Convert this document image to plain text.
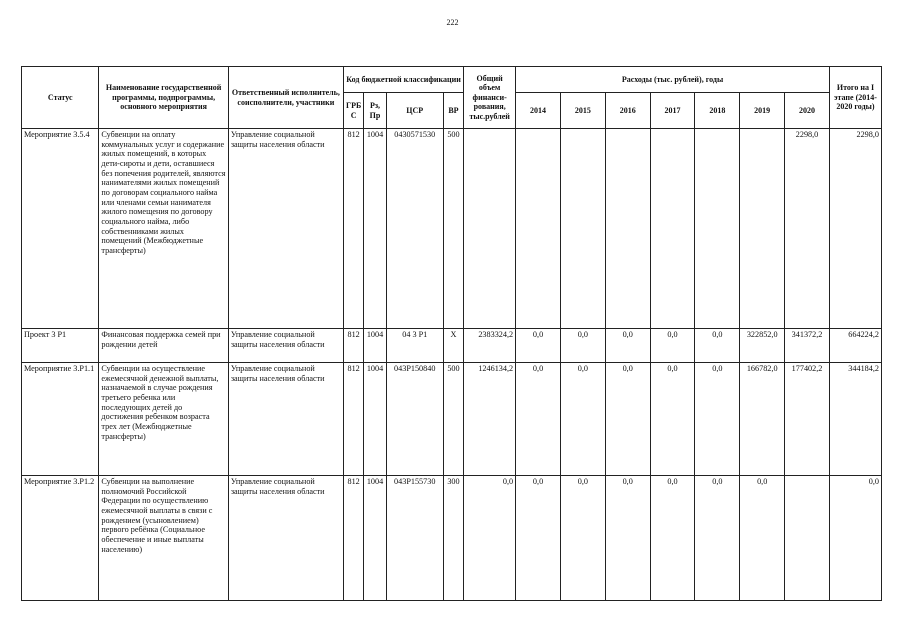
222
Статус	Наименование государственной программы, подпрограммы, основного мероприятия	Ответственный исполнитель, соисполнители, участники	Код бюджетной классификации				Общий объем финанси-рования, тыс.рублей	Расходы (тыс. рублей), годы							Итого на I этапе (2014-2020 годы)
			ГРБ С	Рз, Пр	ЦСР	ВР		2014	2015	2016	2017	2018	2019	2020	
Мероприятие 3.5.4	Субвенции на оплату коммунальных услуг и содержание жилых помещений, в которых дети-сироты и дети, оставшиеся без попечения родителей, являются нанимателями жилых помещений по договорам социального найма или членами семьи нанимателя жилого помещения по договору социального найма, либо собственниками жилых помещений (Межбюджетные трансферты)	Управление социальной защиты населения области	812	1004	0430571530	500								2298,0	2298,0
Проект 3 Р1	Финансовая поддержка семей при рождении детей	Управление социальной защиты населения области	812	1004	04 3 Р1	X	2383324,2	0,0	0,0	0,0	0,0	0,0	322852,0	341372,2	664224,2
Мероприятие 3.Р1.1	Субвенции на осуществление ежемесячной денежной выплаты, назначаемой в случае рождения третьего ребенка или последующих детей до достижения ребенком возраста трех лет (Межбюджетные трансферты)	Управление социальной защиты населения области	812	1004	043Р150840	500	1246134,2	0,0	0,0	0,0	0,0	0,0	166782,0	177402,2	344184,2
Мероприятие 3.Р1.2	Субвенции на выполнение полномочий Российской Федерации по осуществлению ежемесячной выплаты в связи с рождением (усыновлением) первого ребёнка (Социальное обеспечение и иные выплаты населению)	Управление социальной защиты населения области	812	1004	043Р155730	300	0,0	0,0	0,0	0,0	0,0	0,0	0,0		0,0
